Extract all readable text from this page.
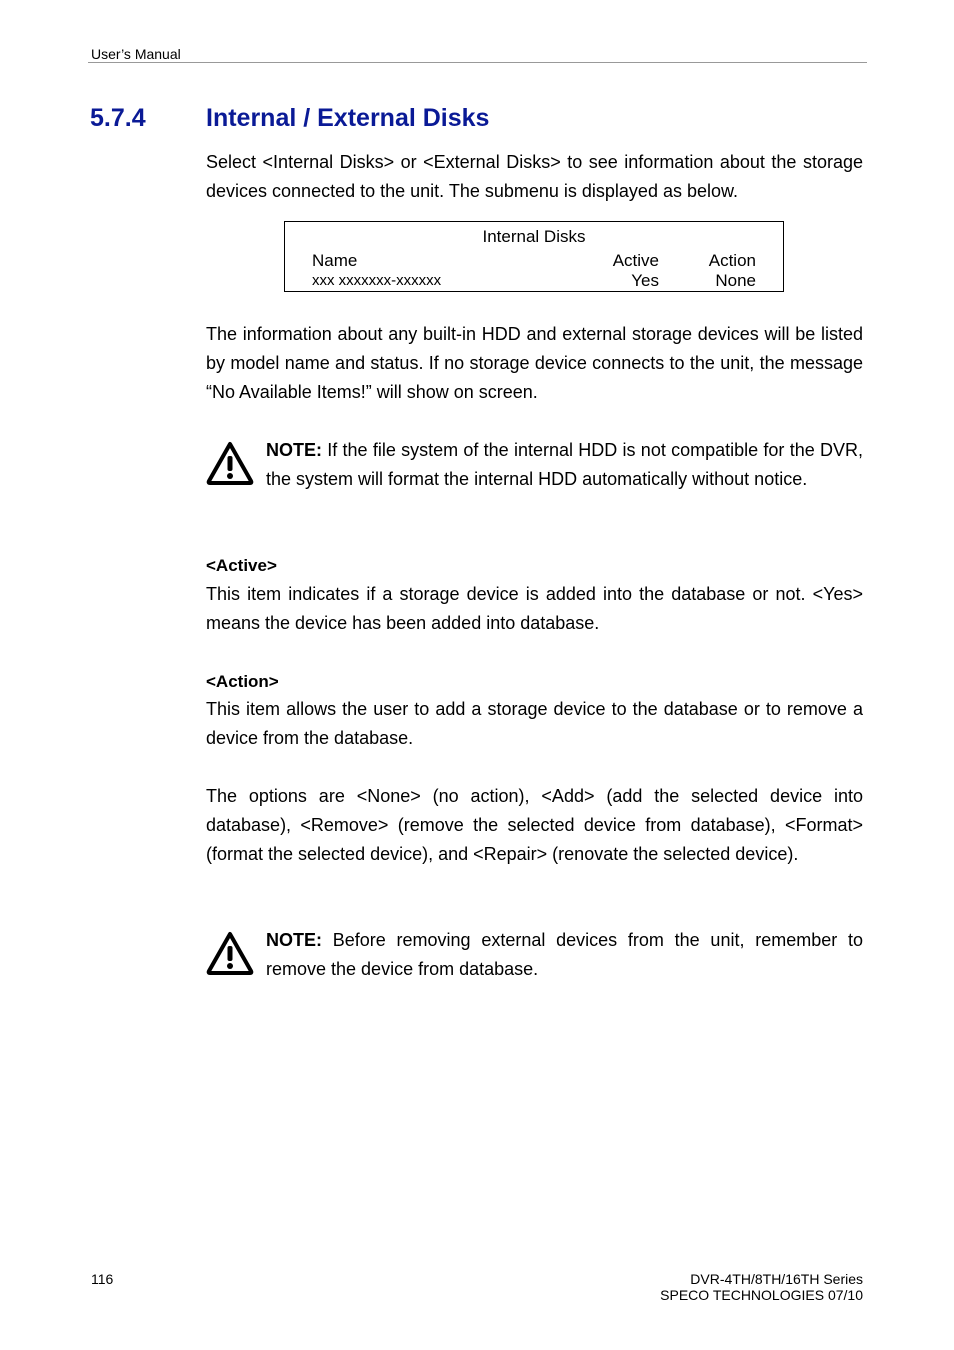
User’s Manual
5.7.4 Internal / External Disks
Select <Internal Disks> or <External Disks> to see information about the storage devices connected to the unit. The submenu is displayed as below.
Internal Disks
Name	Active	Action
xxx xxxxxxx-xxxxxx	Yes	None
The information about any built-in HDD and external storage devices will be listed by model name and status. If no storage device connects to the unit, the message “No Available Items!” will show on screen.
NOTE: If the file system of the internal HDD is not compatible for the DVR, the system will format the internal HDD automatically without notice.
<Active>
This item indicates if a storage device is added into the database or not. <Yes> means the device has been added into database.
<Action>
This item allows the user to add a storage device to the database or to remove a device from the database.
The options are <None> (no action), <Add> (add the selected device into database), <Remove> (remove the selected device from database), <Format> (format the selected device), and <Repair> (renovate the selected device).
NOTE: Before removing external devices from the unit, remember to remove the device from database.
116	DVR-4TH/8TH/16TH Series
SPECO TECHNOLOGIES 07/10
